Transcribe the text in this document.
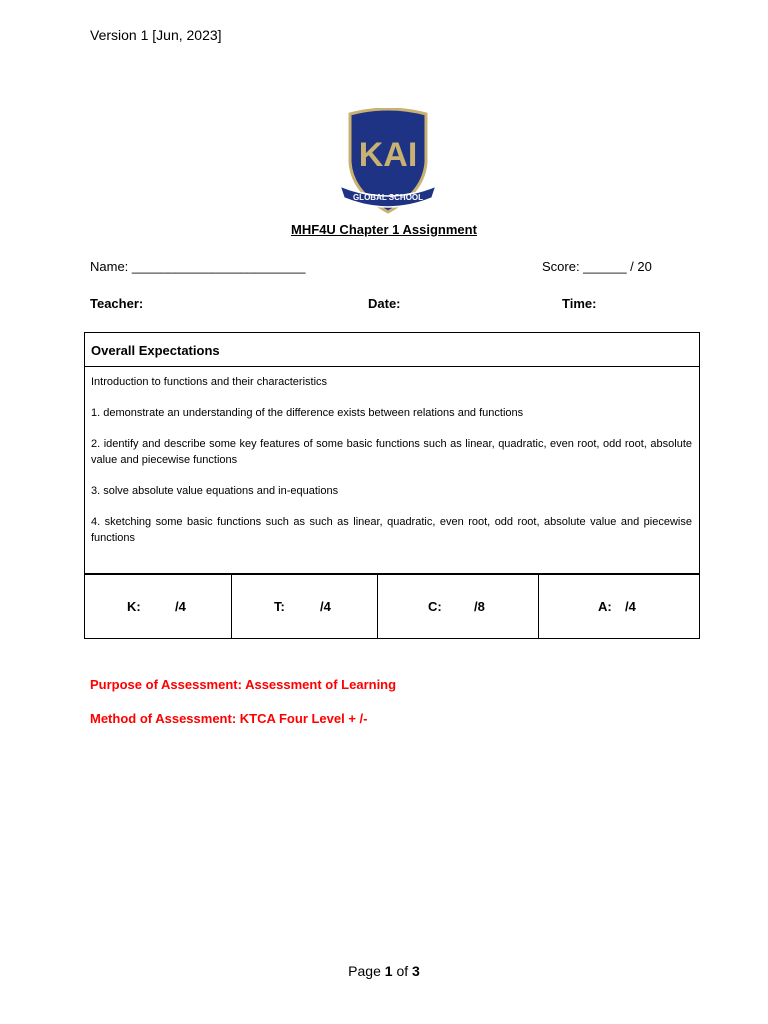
Version 1 [Jun, 2023]
KAI
GLOBAL SCHOOL
MHF4U Chapter 1 Assignment
Name: ________________________	Score: ______ / 20
Teacher:	Date:	Time:
Overall Expectations

Introduction to functions and their characteristics

1. demonstrate an understanding of the difference exists between relations and functions

2. identify and describe some key features of some basic functions such as linear, quadratic, even root, odd root, absolute value and piecewise functions

3. solve absolute value equations and in-equations

4. sketching some basic functions such as such as linear, quadratic, even root, odd root, absolute value and piecewise functions

K:	/4	T:	/4	C: /8	A: /4
Purpose of Assessment: Assessment of Learning
Method of Assessment: KTCA Four Level + /-
Page 1 of 3
